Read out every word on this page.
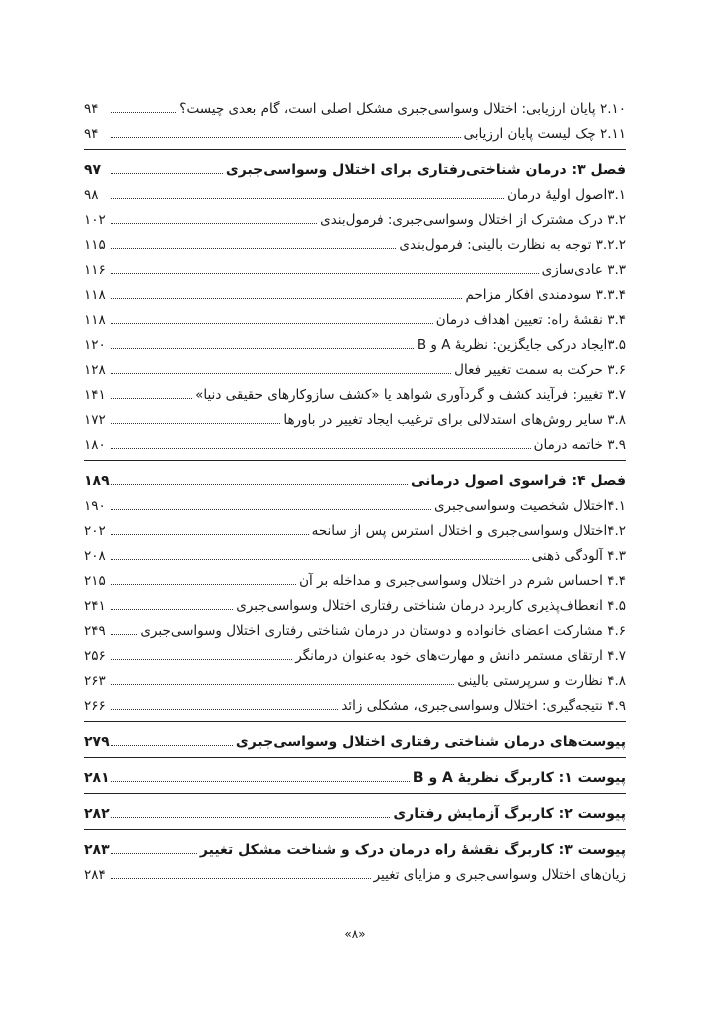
۲.۱۰ پایان ارزیابی: اختلال وسواسی‌جبری مشکل اصلی است، گام بعدی چیست؟
۹۴
۲.۱۱ چک لیست پایان ارزیابی
۹۴
فصل ۳: درمان شناختی‌رفتاری برای اختلال وسواسی‌جبری
۹۷
۳.۱اصول اولیهٔ درمان
۹۸
۳.۲ درک مشترک از اختلال وسواسی‌جبری: فرمول‌بندی
۱۰۲
۳.۲.۲ توجه به نظارت بالینی: فرمول‌بندی
۱۱۵
۳.۳ عادی‌سازی
۱۱۶
۳.۳.۴ سودمندی افکار مزاحم
۱۱۸
۳.۴ نقشهٔ راه: تعیین اهداف درمان
۱۱۸
۳.۵ایجاد درکی جایگزین: نظریهٔ A و B
۱۲۰
۳.۶ حرکت به سمت تغییر فعال
۱۲۸
۳.۷ تغییر: فرآیند کشف و گردآوری شواهد یا «کشف سازوکارهای حقیقی دنیا»
۱۴۱
۳.۸ سایر روش‌های استدلالی برای ترغیب ایجاد تغییر در باورها
۱۷۲
۳.۹ خاتمه درمان
۱۸۰
فصل ۴: فراسوی اصول درمانی
۱۸۹
۴.۱اختلال شخصیت وسواسی‌جبری
۱۹۰
۴.۲اختلال وسواسی‌جبری و اختلال استرس پس از سانحه
۲۰۲
۴.۳ آلودگی ذهنی
۲۰۸
۴.۴ احساس شرم در اختلال وسواسی‌جبری و مداخله بر آن
۲۱۵
۴.۵ انعطاف‌پذیری کاربرد درمان شناختی رفتاری اختلال وسواسی‌جبری
۲۴۱
۴.۶ مشارکت اعضای خانواده و دوستان در درمان شناختی رفتاری اختلال وسواسی‌جبری
۲۴۹
۴.۷ ارتقای مستمر دانش و مهارت‌های خود به‌عنوان درمانگر
۲۵۶
۴.۸ نظارت و سرپرستی بالینی
۲۶۳
۴.۹ نتیجه‌گیری: اختلال وسواسی‌جبری، مشکلی زائد
۲۶۶
پیوست‌های درمان شناختی رفتاری اختلال وسواسی‌جبری
۲۷۹
پیوست ۱: کاربرگ نظریهٔ A و B
۲۸۱
پیوست ۲: کاربرگ آزمایش رفتاری
۲۸۲
پیوست ۳: کاربرگ نقشهٔ راه درمان درک و شناخت مشکل تغییر
۲۸۳
زیان‌های اختلال وسواسی‌جبری و مزایای تغییر
۲۸۴
«۸»
